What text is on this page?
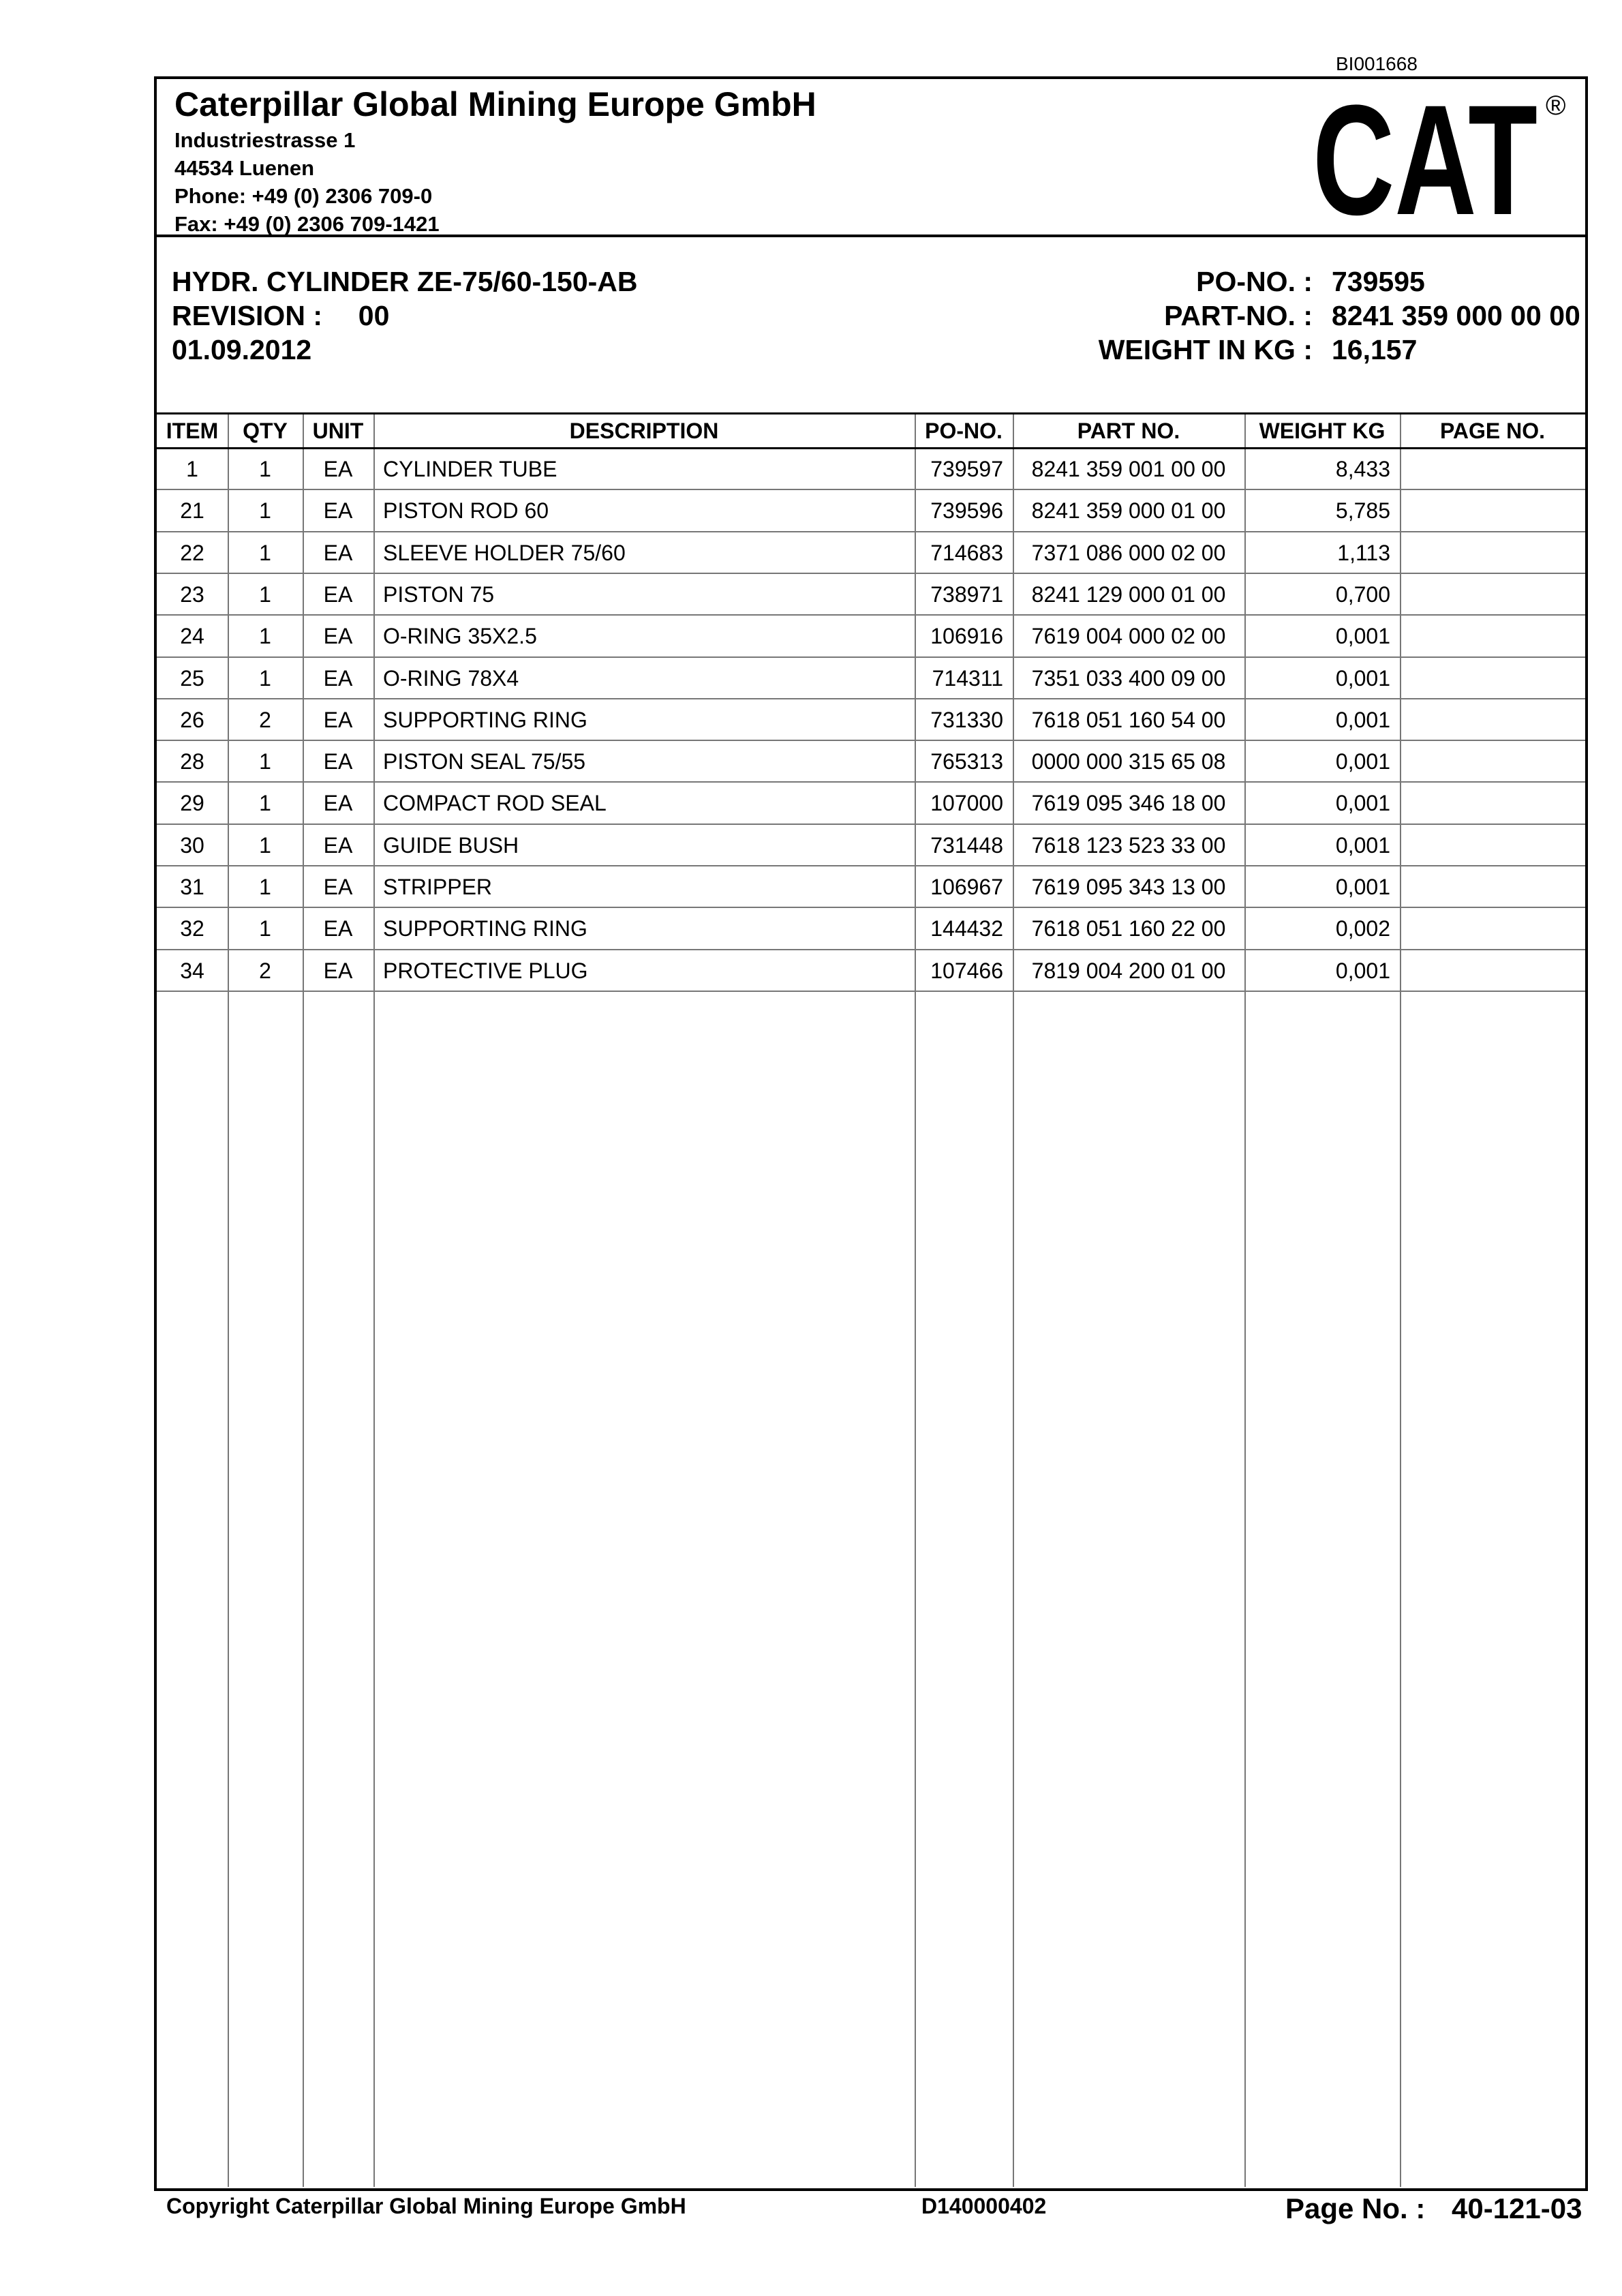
BI001668
Caterpillar Global Mining Europe GmbH
Industriestrasse 1
44534 Luenen
Phone: +49 (0) 2306 709-0
Fax: +49 (0) 2306 709-1421	CAT ®
HYDR. CYLINDER ZE-75/60-150-AB
REVISION : 00
01.09.2012
PO-NO. : 739595
PART-NO. : 8241 359 000 00 00
WEIGHT IN KG : 16,157
ITEM	QTY	UNIT	DESCRIPTION	PO-NO.	PART NO.	WEIGHT KG	PAGE NO.
1	1	EA	CYLINDER TUBE	739597	8241 359 001 00 00	8,433
21	1	EA	PISTON ROD 60	739596	8241 359 000 01 00	5,785
22	1	EA	SLEEVE HOLDER 75/60	714683	7371 086 000 02 00	1,113
23	1	EA	PISTON 75	738971	8241 129 000 01 00	0,700
24	1	EA	O-RING 35X2.5	106916	7619 004 000 02 00	0,001
25	1	EA	O-RING 78X4	714311	7351 033 400 09 00	0,001
26	2	EA	SUPPORTING RING	731330	7618 051 160 54 00	0,001
28	1	EA	PISTON SEAL 75/55	765313	0000 000 315 65 08	0,001
29	1	EA	COMPACT ROD SEAL	107000	7619 095 346 18 00	0,001
30	1	EA	GUIDE BUSH	731448	7618 123 523 33 00	0,001
31	1	EA	STRIPPER	106967	7619 095 343 13 00	0,001
32	1	EA	SUPPORTING RING	144432	7618 051 160 22 00	0,002
34	2	EA	PROTECTIVE PLUG	107466	7819 004 200 01 00	0,001
Copyright Caterpillar Global Mining Europe GmbH	D140000402	Page No. : 40-121-03
